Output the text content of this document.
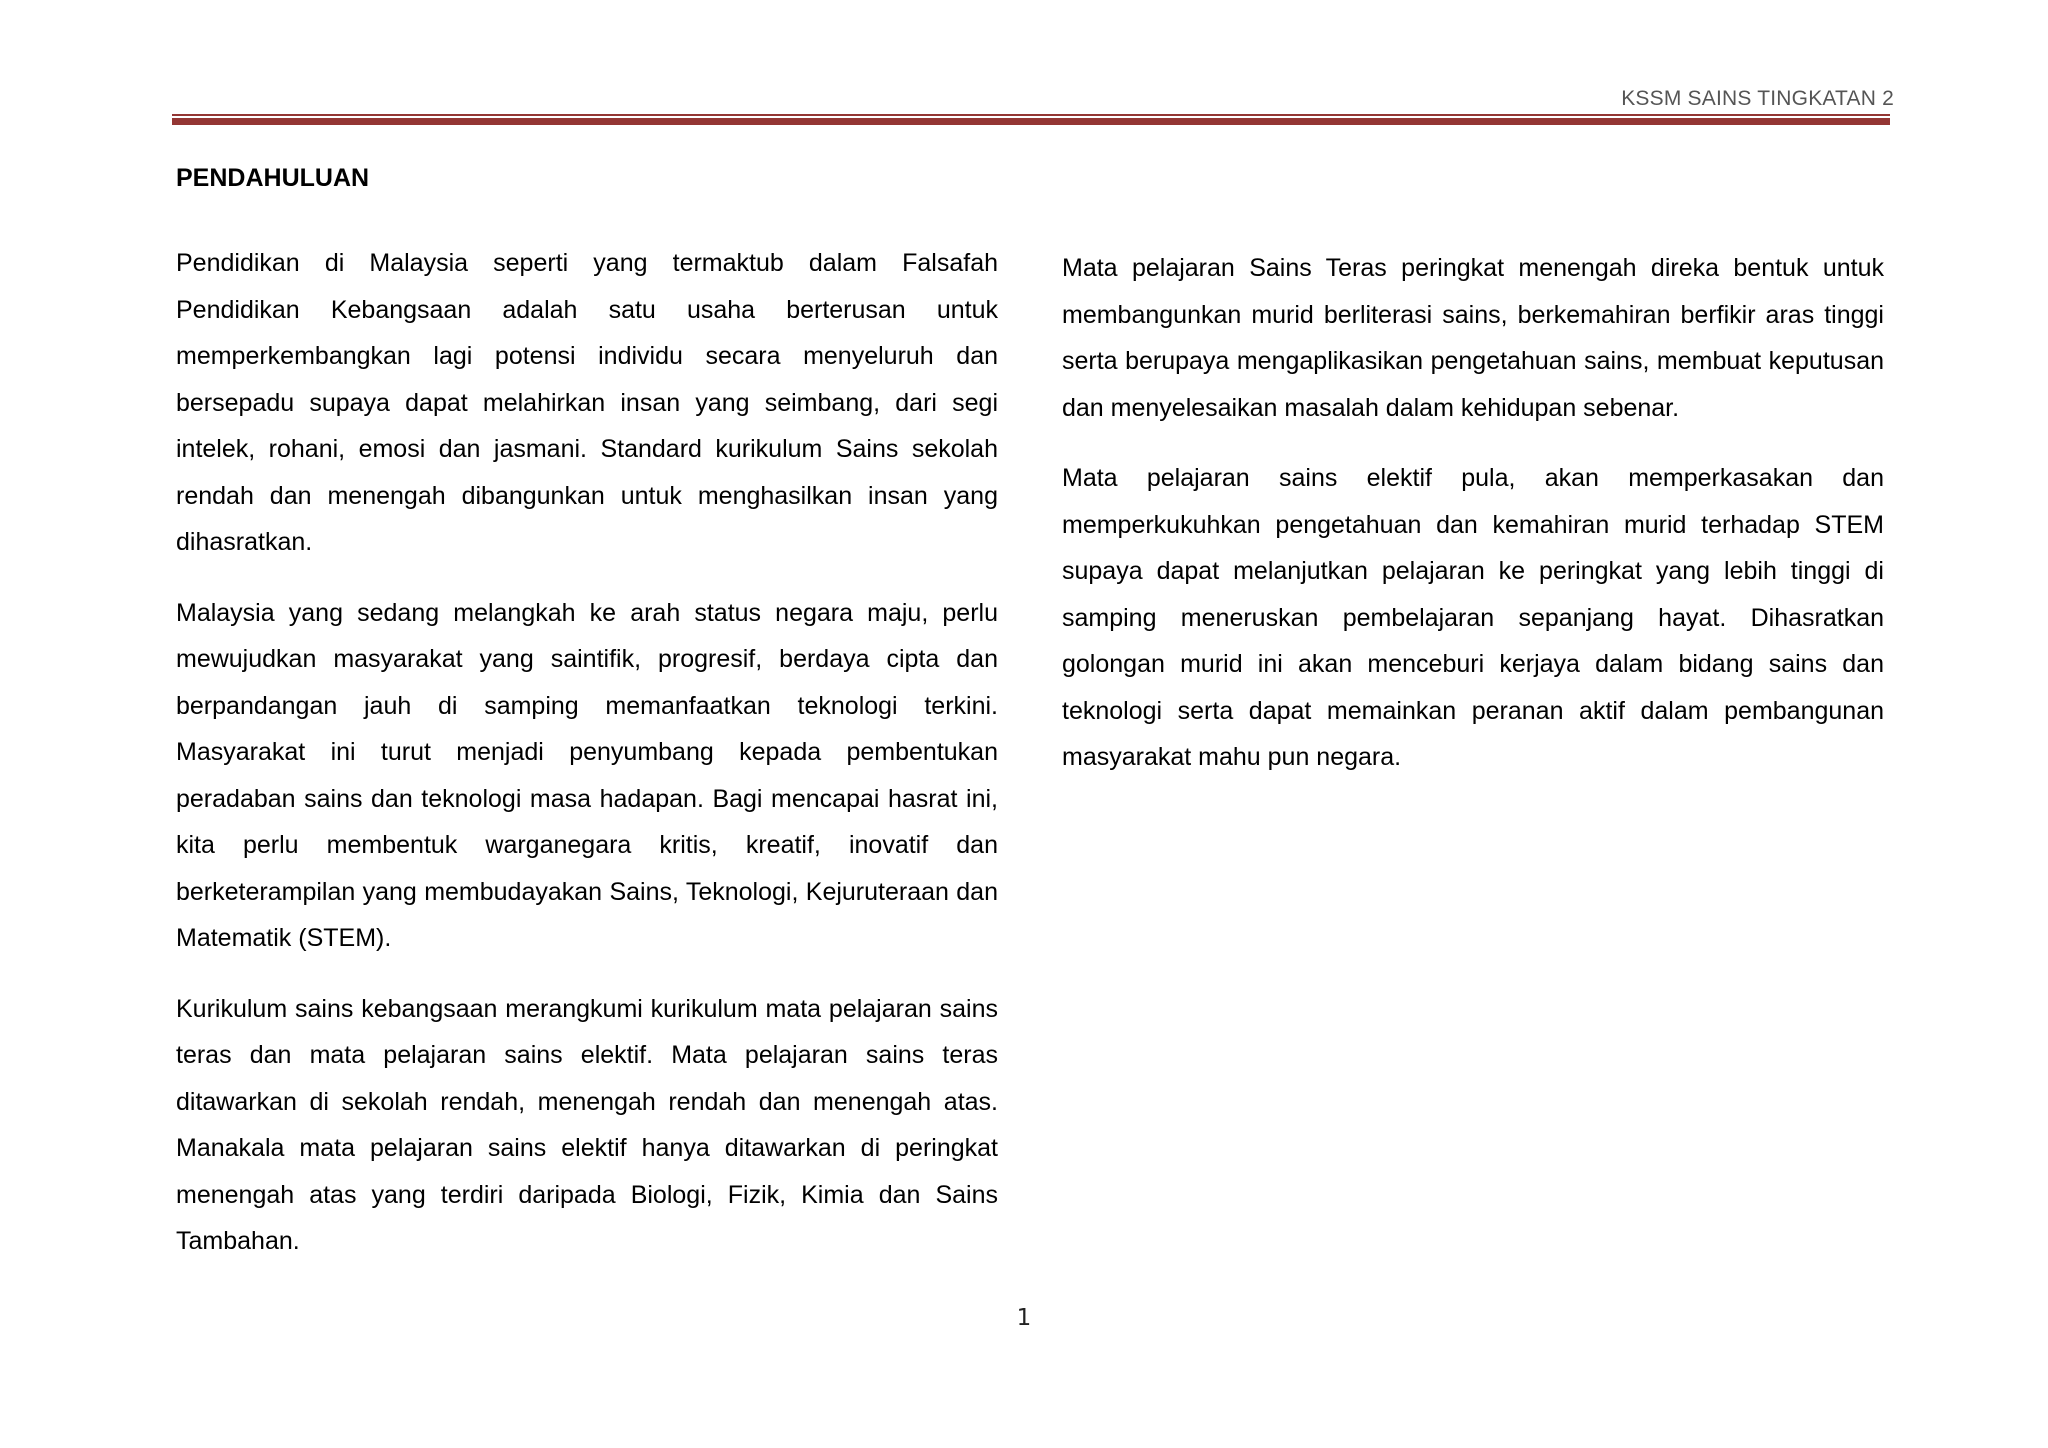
KSSM SAINS TINGKATAN 2
PENDAHULUAN

Pendidikan di Malaysia seperti yang termaktub dalam Falsafah Pendidikan Kebangsaan adalah satu usaha berterusan untuk memperkembangkan lagi potensi individu secara menyeluruh dan bersepadu supaya dapat melahirkan insan yang seimbang, dari segi intelek, rohani, emosi dan jasmani. Standard kurikulum Sains sekolah rendah dan menengah dibangunkan untuk menghasilkan insan yang dihasratkan.

Malaysia yang sedang melangkah ke arah status negara maju, perlu mewujudkan masyarakat yang saintifik, progresif, berdaya cipta dan berpandangan jauh di samping memanfaatkan teknologi terkini. Masyarakat ini turut menjadi penyumbang kepada pembentukan peradaban sains dan teknologi masa hadapan. Bagi mencapai hasrat ini, kita perlu membentuk warganegara kritis, kreatif, inovatif dan berketerampilan yang membudayakan Sains, Teknologi, Kejuruteraan dan Matematik (STEM).

Kurikulum sains kebangsaan merangkumi kurikulum mata pelajaran sains teras dan mata pelajaran sains elektif. Mata pelajaran sains teras ditawarkan di sekolah rendah, menengah rendah dan menengah atas. Manakala mata pelajaran sains elektif hanya ditawarkan di peringkat menengah atas yang terdiri daripada Biologi, Fizik, Kimia dan Sains Tambahan.

Mata pelajaran Sains Teras peringkat menengah direka bentuk untuk membangunkan murid berliterasi sains, berkemahiran berfikir aras tinggi serta berupaya mengaplikasikan pengetahuan sains, membuat keputusan dan menyelesaikan masalah dalam kehidupan sebenar.

Mata pelajaran sains elektif pula, akan memperkasakan dan memperkukuhkan pengetahuan dan kemahiran murid terhadap STEM supaya dapat melanjutkan pelajaran ke peringkat yang lebih tinggi di samping meneruskan pembelajaran sepanjang hayat. Dihasratkan golongan murid ini akan menceburi kerjaya dalam bidang sains dan teknologi serta dapat memainkan peranan aktif dalam pembangunan masyarakat mahu pun negara.

1
